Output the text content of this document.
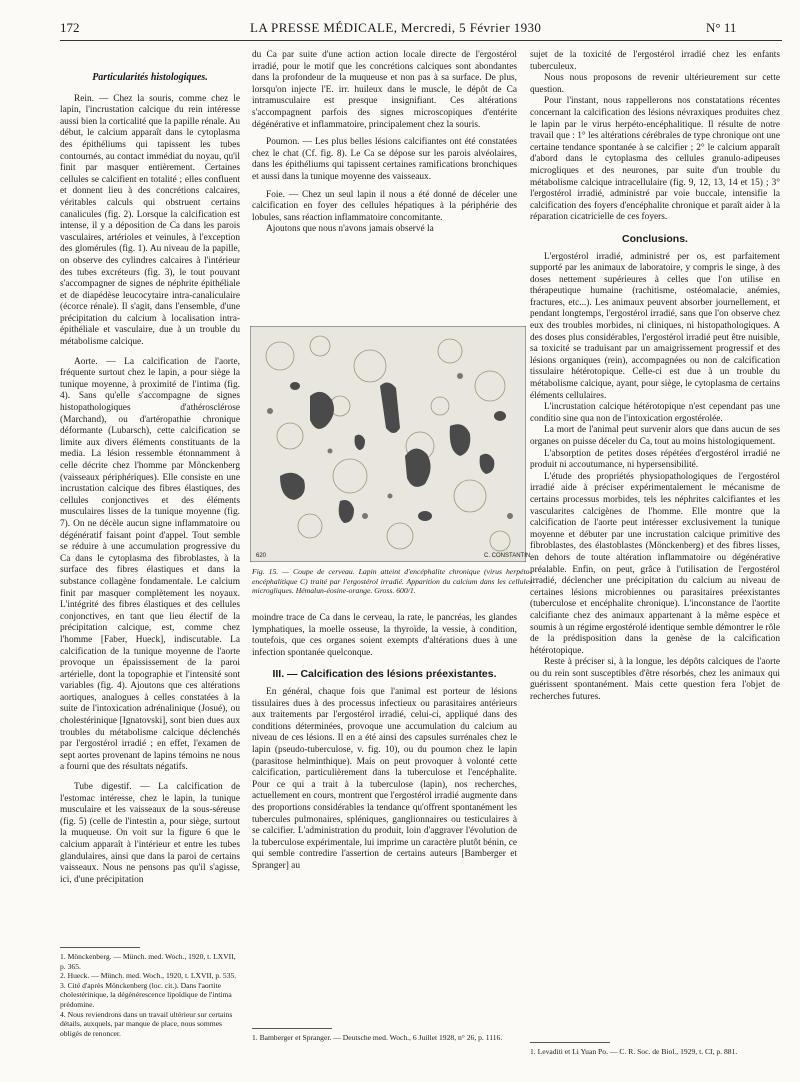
172	LA PRESSE MÉDICALE, Mercredi, 5 Février 1930	N° 11

Particularités histologiques.

Rein. — Chez la souris, comme chez le lapin, l'incrustation calcique du rein intéresse aussi bien la corticalité que la papille rénale. Au début, le calcium apparaît dans le cytoplasma des épithéliums qui tapissent les tubes contournés, au contact immédiat du noyau, qu'il finit par masquer entièrement. Certaines cellules se calcifient en totalité ; elles confluent et donnent lieu à des concrétions calcaires, véritables calculs qui obstruent certains canalicules (fig. 2). Lorsque la calcification est intense, il y a déposition de Ca dans les parois vasculaires, artérioles et veinules, à l'exception des glomérules (fig. 1). Au niveau de la papille, on observe des cylindres calcaires à l'intérieur des tubes excréteurs (fig. 3), le tout pouvant s'accompagner de signes de néphrite épithéliale et de diapédèse leucocytaire intra-canaliculaire (écorce rénale). Il s'agit, dans l'ensemble, d'une précipitation du calcium à localisation intra-épithéliale et vasculaire, due à un trouble du métabolisme calcique.

Aorte. — La calcification de l'aorte, fréquente surtout chez le lapin, a pour siège la tunique moyenne, à proximité de l'intima (fig. 4). Sans qu'elle s'accompagne de signes histopathologiques d'athérosclérose (Marchand), ou d'artéropathie chronique déformante (Lubarsch), cette calcification se limite aux divers éléments constituants de la media. La lésion ressemble étonnamment à celle décrite chez l'homme par Mönckenberg (vaisseaux périphériques). Elle consiste en une incrustation calcique des fibres élastiques, des cellules conjonctives et des éléments musculaires lisses de la tunique moyenne (fig. 7). On ne décèle aucun signe inflammatoire ou dégénératif faisant point d'appel. Tout semble se réduire à une accumulation progressive du Ca dans le cytoplasma des fibroblastes, à la surface des fibres élastiques et dans la substance collagène fondamentale. Le calcium finit par masquer complètement les noyaux. L'intégrité des fibres élastiques et des cellules conjonctives, en tant que lieu électif de la précipitation calcique, est, comme chez l'homme [Faber, Hueck], indiscutable. La calcification de la tunique moyenne de l'aorte provoque un épaississement de la paroi artérielle, dont la topographie et l'intensité sont variables (fig. 4). Ajoutons que ces altérations aortiques, analogues à celles constatées à la suite de l'intoxication adrénalinique (Josué), ou cholestérinique [Ignatovski], sont bien dues aux troubles du métabolisme calcique déclenchés par l'ergostérol irradié ; en effet, l'examen de sept aortes provenant de lapins témoins ne nous a fourni que des résultats négatifs.

Tube digestif. — La calcification de l'estomac intéresse, chez le lapin, la tunique musculaire et les vaisseaux de la sous-séreuse (fig. 5) (celle de l'intestin a, pour siège, surtout la muqueuse. On voit sur la figure 6 que le calcium apparaît à l'intérieur et entre les tubes glandulaires, ainsi que dans la paroi de certains vaisseaux. Nous ne pensons pas qu'il s'agisse, ici, d'une précipitation

1. Mönckenberg. — Münch. med. Woch., 1920, t. LXVII, p. 365.

2. Hueck. — Münch. med. Woch., 1920, t. LXVII, p. 535.

3. Cité d'après Mönckenberg (loc. cit.). Dans l'aortite cholestérinique, la dégénérescence lipoïdique de l'intima prédomine.

4. Nous reviendrons dans un travail ultérieur sur certains détails, auxquels, par manque de place, nous sommes obligés de renoncer.

du Ca par suite d'une action action locale directe de l'ergostérol irradié, pour le motif que les concrétions calciques sont abondantes dans la profondeur de la muqueuse et non pas à sa surface. De plus, lorsqu'on injecte l'E. irr. huileux dans le muscle, le dépôt de Ca intramusculaire est presque insignifiant. Ces altérations s'accompagnent parfois des signes microscopiques d'entérite dégénérative et inflammatoire, principalement chez la souris.

Poumon. — Les plus belles lésions calcifiantes ont été constatées chez le chat (Cf. fig. 8). Le Ca se dépose sur les parois alvéolaires, dans les épithéliums qui tapissent certaines ramifications bronchiques et aussi dans la tunique moyenne des vaisseaux.

Foie. — Chez un seul lapin il nous a été donné de déceler une calcification en foyer des cellules hépatiques à la périphérie des lobules, sans réaction inflammatoire concomitante.

Ajoutons que nous n'avons jamais observé la

620	C. CONSTANTIN
Fig. 15. — Coupe de cerveau. Lapin atteint d'encéphalite chronique (virus herpéto-encéphalitique C) traité par l'ergostérol irradié. Apparition du calcium dans les cellules microgliques. Hémalun-éosine-orange. Gross. 600/1.

moindre trace de Ca dans le cerveau, la rate, le pancréas, les glandes lymphatiques, la moelle osseuse, la thyroïde, la vessie, à condition, toutefois, que ces organes soient exempts d'altérations dues à une infection spontanée quelconque.

III. — Calcification des lésions préexistantes.

En général, chaque fois que l'animal est porteur de lésions tissulaires dues à des processus infectieux ou parasitaires antérieurs aux traitements par l'ergostérol irradié, celui-ci, appliqué dans des conditions déterminées, provoque une accumulation du calcium au niveau de ces lésions. Il en a été ainsi des capsules surrénales chez le lapin (pseudo-tuberculose, v. fig. 10), ou du poumon chez le lapin (parasitose helminthique). Mais on peut provoquer à volonté cette calcification, particulièrement dans la tuberculose et l'encéphalite. Pour ce qui a trait à la tuberculose (lapin), nos recherches, actuellement en cours, montrent que l'ergostérol irradié augmente dans des proportions considérables la tendance qu'offrent spontanément les tubercules pulmonaires, spléniques, ganglionnaires ou testiculaires à se calcifier. L'administration du produit, loin d'aggraver l'évolution de la tuberculose expérimentale, lui imprime un caractère plutôt bénin, ce qui semble contredire l'assertion de certains auteurs [Bamberger et Spranger] au

1. Bamberger et Spranger. — Deutsche med. Woch., 6 Juillet 1928, n° 26, p. 1116.

sujet de la toxicité de l'ergostérol irradié chez les enfants tuberculeux.

Nous nous proposons de revenir ultérieurement sur cette question.

Pour l'instant, nous rappellerons nos constatations récentes concernant la calcification des lésions névraxiques produites chez le lapin par le virus herpéto-encéphalitique. Il résulte de notre travail que : 1° les altérations cérébrales de type chronique ont une certaine tendance spontanée à se calcifier ; 2° le calcium apparaît d'abord dans le cytoplasma des cellules granulo-adipeuses microgliques et des neurones, par suite d'un trouble du métabolisme calcique intracellulaire (fig. 9, 12, 13, 14 et 15) ; 3° l'ergostérol irradié, administré par voie buccale, intensifie la calcification des foyers d'encéphalite chronique et paraît aider à la réparation cicatricielle de ces foyers.

Conclusions.

L'ergostérol irradié, administré per os, est parfaitement supporté par les animaux de laboratoire, y compris le singe, à des doses nettement supérieures à celles que l'on utilise en thérapeutique humaine (rachitisme, ostéomalacie, anémies, fractures, etc...). Les animaux peuvent absorber journellement, et pendant longtemps, l'ergostérol irradié, sans que l'on observe chez eux des troubles morbides, ni cliniques, ni histopathologiques. A des doses plus considérables, l'ergostérol irradié peut être nuisible, sa toxicité se traduisant par un amaigrissement progressif et des lésions organiques (rein), accompagnées ou non de calcification tissulaire hétérotopique. Celle-ci est due à un trouble du métabolisme calcique, ayant, pour siège, le cytoplasma de certains éléments cellulaires.

L'incrustation calcique hétérotopique n'est cependant pas une conditio sine qua non de l'intoxication ergostérolée.

La mort de l'animal peut survenir alors que dans aucun de ses organes on puisse déceler du Ca, tout au moins histologiquement.

L'absorption de petites doses répétées d'ergostérol irradié ne produit ni accoutumance, ni hypersensibilité.

L'étude des propriétés physiopathologiques de l'ergostérol irradié aide à préciser expérimentalement le mécanisme de certains processus morbides, tels les néphrites calcifiantes et les vascularites calcigènes de l'homme. Elle montre que la calcification de l'aorte peut intéresser exclusivement la tunique moyenne et débuter par une incrustation calcique primitive des fibroblastes, des élastoblastes (Mönckenberg) et des fibres lisses, en dehors de toute altération inflammatoire ou dégénérative préalable. Enfin, on peut, grâce à l'utilisation de l'ergostérol irradié, déclencher une précipitation du calcium au niveau de certaines lésions microbiennes ou parasitaires préexistantes (tuberculose et encéphalite chronique). L'inconstance de l'aortite calcifiante chez des animaux appartenant à la même espèce et soumis à un régime ergostérolé identique semble démontrer le rôle de la prédisposition dans la genèse de la calcification hétérotopique.

Reste à préciser si, à la longue, les dépôts calciques de l'aorte ou du rein sont susceptibles d'être résorbés, chez les animaux qui guérissent spontanément. Mais cette question fera l'objet de recherches futures.

1. Levaditi et Li Yuan Po. — C. R. Soc. de Biol., 1929, t. CI, p. 881.
